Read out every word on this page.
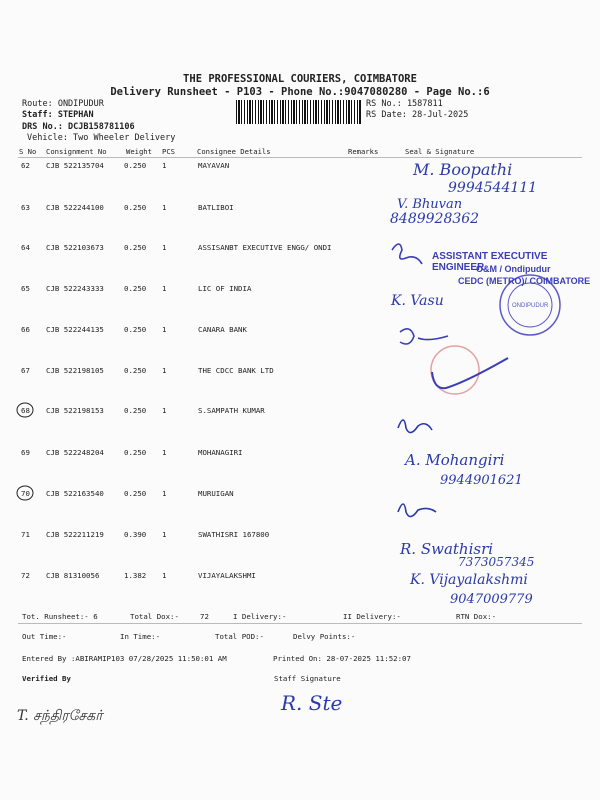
THE PROFESSIONAL COURIERS, COIMBATORE
Delivery Runsheet - P103 - Phone No.:9047080280 - Page No.:6
Route: ONDIPUDUR
Staff: STEPHAN
DRS No.: DCJB158781106
Vehicle: Two Wheeler Delivery
RS No.: 1587811
RS Date: 28-Jul-2025
S No Consignment No	Weight PCS	Consignee Details	Remarks	Seal & Signature
62 CJB 522135704	0.250 1	MAYAVAN
63 CJB 522244100	0.250 1	BATLIBOI
64 CJB 522103673	0.250 1	ASSISANBT EXECUTIVE ENGG/ ONDI
65 CJB 522243333	0.250 1	LIC OF INDIA
66 CJB 522244135	0.250 1	CANARA BANK
67 CJB 522198105	0.250 1	THE CDCC BANK LTD
68 CJB 522198153	0.250 1	S.SAMPATH KUMAR
69 CJB 522248204	0.250 1	MOHANAGIRI
70 CJB 522163540	0.250 1	MURUIGAN
71 CJB 522211219	0.390 1	SWATHISRI 167800
72 CJB 81310056	1.382 1	VIJAYALAKSHMI
M. Boopathi
9994544111
V. Bhuvan
8489928362
ASSISTANT EXECUTIVE ENGINEER
O&M / Ondipudur
CEDC (METRO)/ COIMBATORE
ONDIPUDUR
K. Vasu
A. Mohangiri
9944901621
R. Swathisri
7373057345
K. Vijayalakshmi
9047009779
Tot. Runsheet:- 6	Total Dox:-	72	I Delivery:-	II Delivery:-	RTN Dox:-
Out Time:-	In Time:-	Total POD:-	Delvy Points:-
Entered By :ABIRAMIP103 07/28/2025 11:50:01 AM	Printed On: 28-07-2025 11:52:07
Verified By	Staff Signature
T. சந்திரசேகர்
R. Ste
